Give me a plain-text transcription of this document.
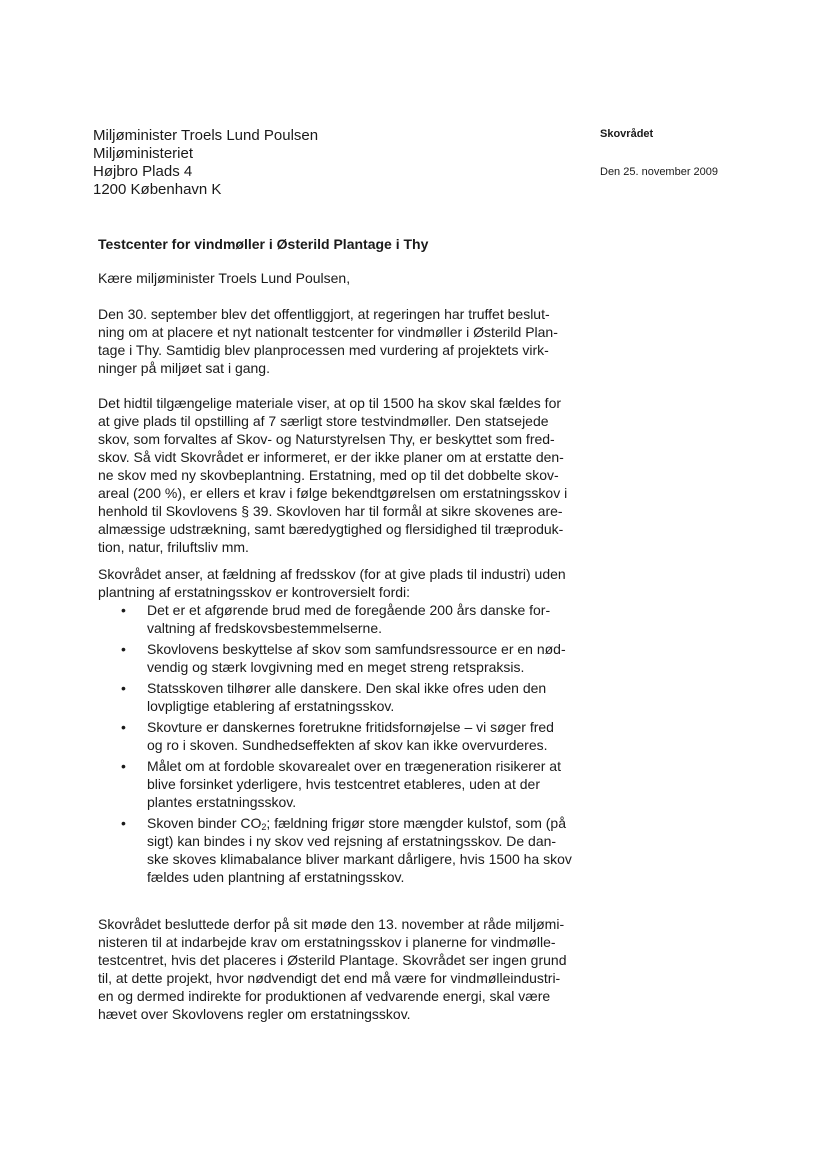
Miljøminister Troels Lund Poulsen
Miljøministeriet
Højbro Plads 4
1200 København K
Skovrådet
Den 25. november 2009
Testcenter for vindmøller i Østerild Plantage i Thy
Kære miljøminister Troels Lund Poulsen,
Den 30. september blev det offentliggjort, at regeringen har truffet beslut-
ning om at placere et nyt nationalt testcenter for vindmøller i Østerild Plan-
tage i Thy. Samtidig blev planprocessen med vurdering af projektets virk-
ninger på miljøet sat i gang.
Det hidtil tilgængelige materiale viser, at op til 1500 ha skov skal fældes for
at give plads til opstilling af 7 særligt store testvindmøller. Den statsejede
skov, som forvaltes af Skov- og Naturstyrelsen Thy, er beskyttet som fred-
skov. Så vidt Skovrådet er informeret, er der ikke planer om at erstatte den-
ne skov med ny skovbeplantning. Erstatning, med op til det dobbelte skov-
areal (200 %), er ellers et krav i følge bekendtgørelsen om erstatningsskov i
henhold til Skovlovens § 39. Skovloven har til formål at sikre skovenes are-
almæssige udstrækning, samt bæredygtighed og flersidighed til træproduk-
tion, natur, friluftsliv mm.
Skovrådet anser, at fældning af fredsskov (for at give plads til industri) uden
plantning af erstatningsskov er kontroversielt fordi:
• Det er et afgørende brud med de foregående 200 års danske for-
valtning af fredskovsbestemmelserne.
• Skovlovens beskyttelse af skov som samfundsressource er en nød-
vendig og stærk lovgivning med en meget streng retspraksis.
• Statsskoven tilhører alle danskere. Den skal ikke ofres uden den
lovpligtige etablering af erstatningsskov.
• Skovture er danskernes foretrukne fritidsfornøjelse – vi søger fred
og ro i skoven. Sundhedseffekten af skov kan ikke overvurderes.
• Målet om at fordoble skovarealet over en trægeneration risikerer at
blive forsinket yderligere, hvis testcentret etableres, uden at der
plantes erstatningsskov.
• Skoven binder $CO_2$; fældning frigør store mængder kulstof, som (på
sigt) kan bindes i ny skov ved rejsning af erstatningsskov. De dan-
ske skoves klimabalance bliver markant dårligere, hvis 1500 ha skov
fældes uden plantning af erstatningsskov.
Skovrådet besluttede derfor på sit møde den 13. november at råde miljømi-
nisteren til at indarbejde krav om erstatningsskov i planerne for vindmølle-
testcentret, hvis det placeres i Østerild Plantage. Skovrådet ser ingen grund
til, at dette projekt, hvor nødvendigt det end må være for vindmølleindustri-
en og dermed indirekte for produktionen af vedvarende energi, skal være
hævet over Skovlovens regler om erstatningsskov.
